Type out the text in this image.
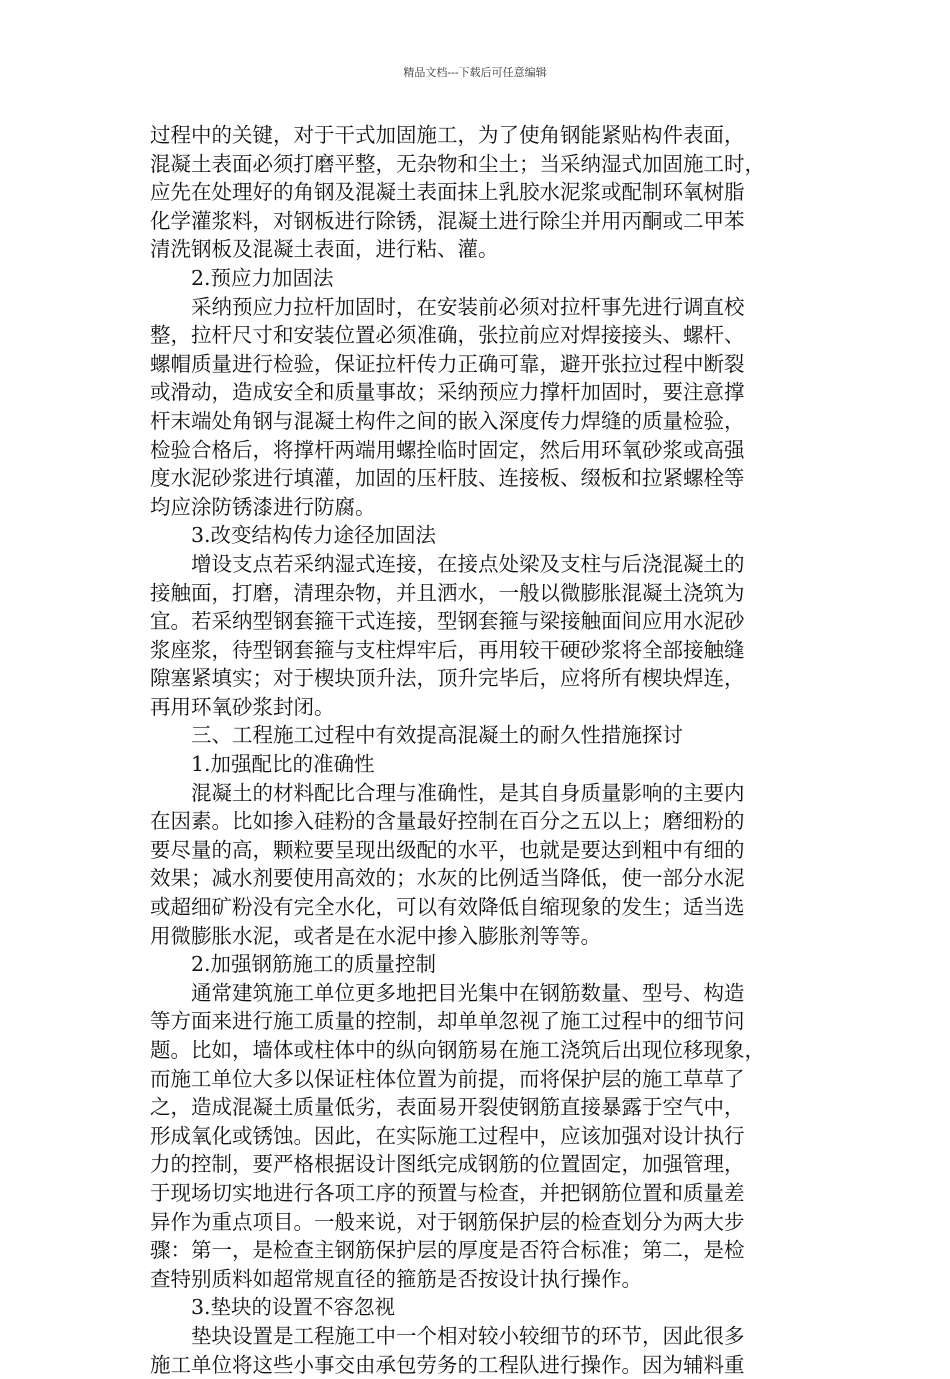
精品文档---下载后可任意编辑
过程中的关键，对于干式加固施工，为了使角钢能紧贴构件表面，
混凝土表面必须打磨平整，无杂物和尘土；当采纳湿式加固施工时，
应先在处理好的角钢及混凝土表面抹上乳胶水泥浆或配制环氧树脂
化学灌浆料，对钢板进行除锈，混凝土进行除尘并用丙酮或二甲苯
清洗钢板及混凝土表面，进行粘、灌。
2.预应力加固法
采纳预应力拉杆加固时，在安装前必须对拉杆事先进行调直校
整，拉杆尺寸和安装位置必须准确，张拉前应对焊接接头、螺杆、
螺帽质量进行检验，保证拉杆传力正确可靠，避开张拉过程中断裂
或滑动，造成安全和质量事故；采纳预应力撑杆加固时，要注意撑
杆末端处角钢与混凝土构件之间的嵌入深度传力焊缝的质量检验，
检验合格后，将撑杆两端用螺拴临时固定，然后用环氧砂浆或高强
度水泥砂浆进行填灌，加固的压杆肢、连接板、缀板和拉紧螺栓等
均应涂防锈漆进行防腐。
3.改变结构传力途径加固法
增设支点若采纳湿式连接，在接点处梁及支柱与后浇混凝土的
接触面，打磨，清理杂物，并且洒水，一般以微膨胀混凝土浇筑为
宜。若采纳型钢套箍干式连接，型钢套箍与梁接触面间应用水泥砂
浆座浆，待型钢套箍与支柱焊牢后，再用较干硬砂浆将全部接触缝
隙塞紧填实；对于楔块顶升法，顶升完毕后，应将所有楔块焊连，
再用环氧砂浆封闭。
三、工程施工过程中有效提高混凝土的耐久性措施探讨
1.加强配比的准确性
混凝土的材料配比合理与准确性，是其自身质量影响的主要内
在因素。比如掺入硅粉的含量最好控制在百分之五以上；磨细粉的
要尽量的高，颗粒要呈现出级配的水平，也就是要达到粗中有细的
效果；减水剂要使用高效的；水灰的比例适当降低，使一部分水泥
或超细矿粉没有完全水化，可以有效降低自缩现象的发生；适当选
用微膨胀水泥，或者是在水泥中掺入膨胀剂等等。
2.加强钢筋施工的质量控制
通常建筑施工单位更多地把目光集中在钢筋数量、型号、构造
等方面来进行施工质量的控制，却单单忽视了施工过程中的细节问
题。比如，墙体或柱体中的纵向钢筋易在施工浇筑后出现位移现象，
而施工单位大多以保证柱体位置为前提，而将保护层的施工草草了
之，造成混凝土质量低劣，表面易开裂使钢筋直接暴露于空气中，
形成氧化或锈蚀。因此，在实际施工过程中，应该加强对设计执行
力的控制，要严格根据设计图纸完成钢筋的位置固定，加强管理，
于现场切实地进行各项工序的预置与检查，并把钢筋位置和质量差
异作为重点项目。一般来说，对于钢筋保护层的检查划分为两大步
骤：第一，是检查主钢筋保护层的厚度是否符合标准；第二，是检
查特别质料如超常规直径的箍筋是否按设计执行操作。
3.垫块的设置不容忽视
垫块设置是工程施工中一个相对较小较细节的环节，因此很多
施工单位将这些小事交由承包劳务的工程队进行操作。因为辅料重
